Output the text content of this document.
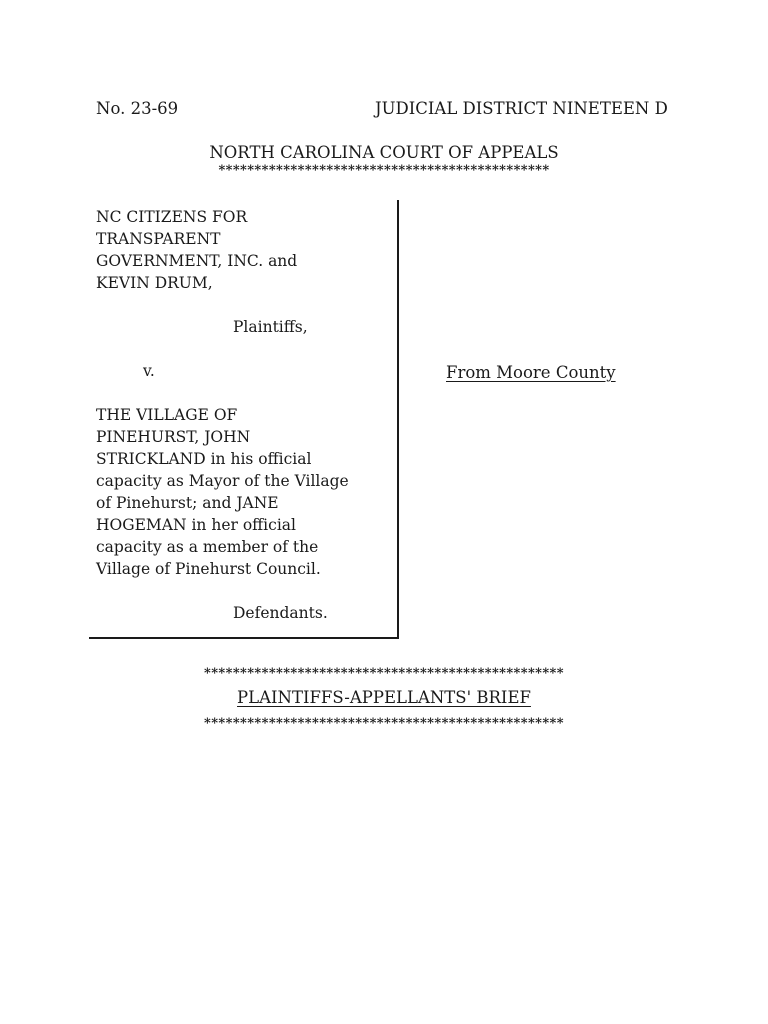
No. 23-69	JUDICIAL DISTRICT NINETEEN D
NORTH CAROLINA COURT OF APPEALS
**********************************************
NC CITIZENS FOR
TRANSPARENT
GOVERNMENT, INC. and
KEVIN DRUM,
Plaintiffs,
v.
THE VILLAGE OF
PINEHURST, JOHN
STRICKLAND in his official
capacity as Mayor of the Village
of Pinehurst; and JANE
HOGEMAN in her official
capacity as a member of the
Village of Pinehurst Council.
Defendants.
From Moore County
**************************************************
PLAINTIFFS-APPELLANTS' BRIEF
**************************************************
